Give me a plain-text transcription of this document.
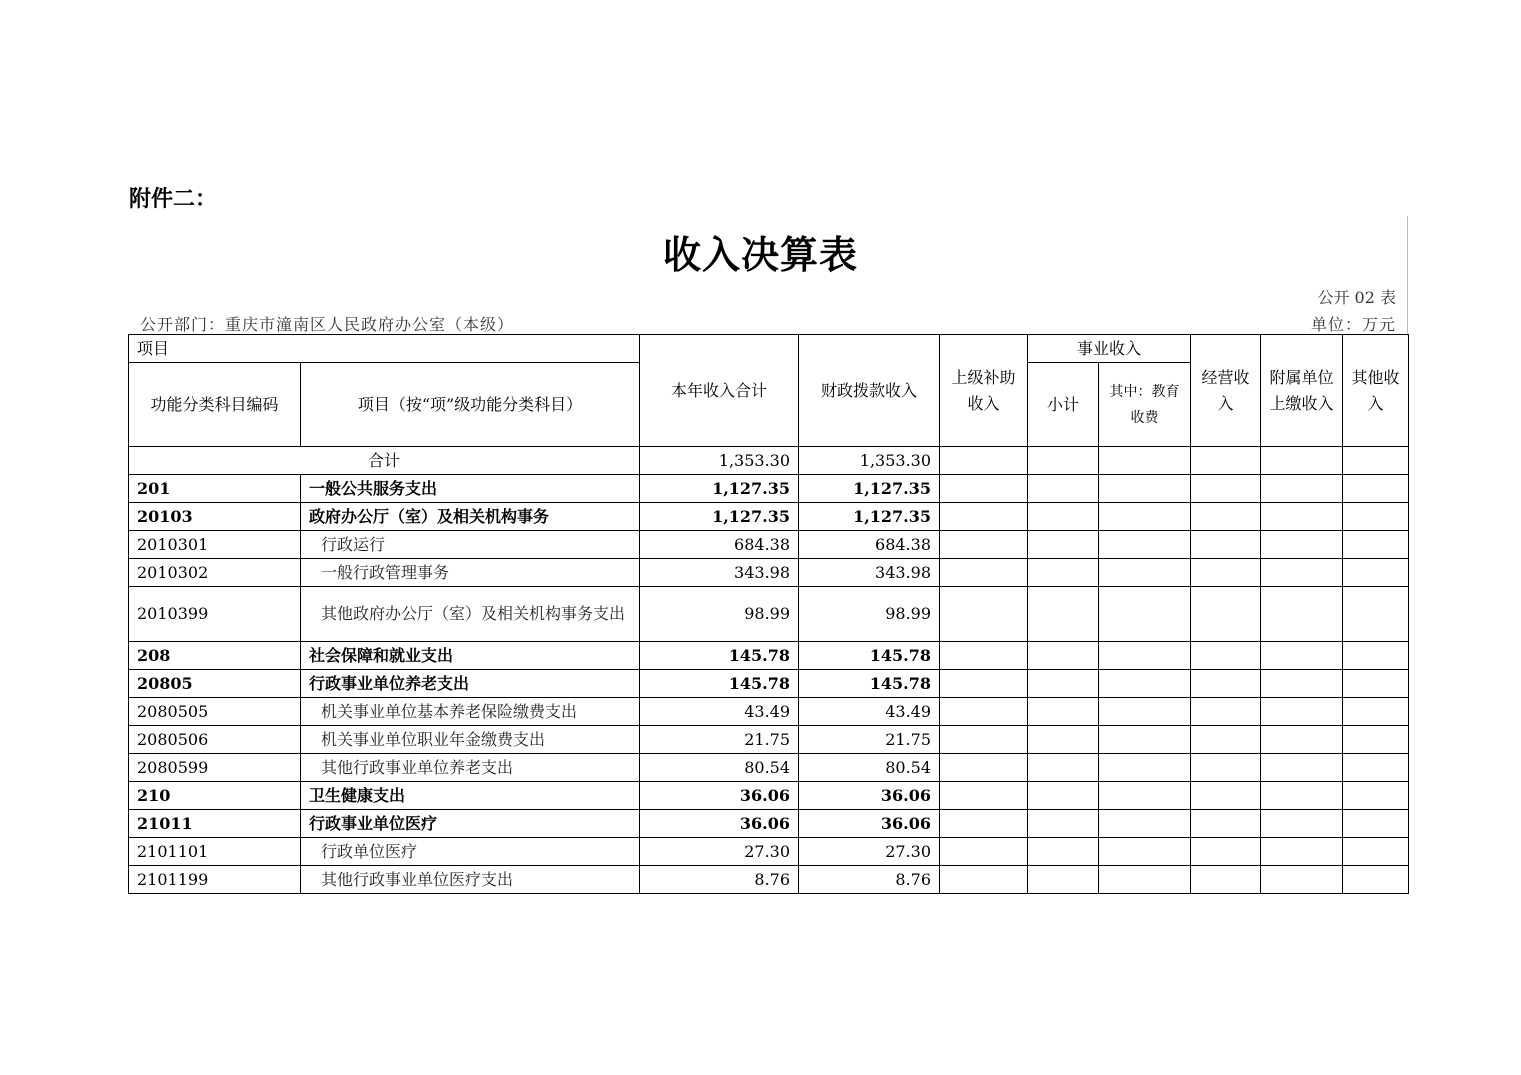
附件二：
收入决算表
公开 02 表
公开部门：重庆市潼南区人民政府办公室（本级）	单位：万元
项目		本年收入合计	财政拨款收入	上级补助收入	事业收入		经营收入	附属单位上缴收入	其他收入
功能分类科目编码	项目（按“项”级功能分类科目）				小计	其中：教育收费			
合计		1,353.30	1,353.30						
201	一般公共服务支出	1,127.35	1,127.35						
20103	政府办公厅（室）及相关机构事务	1,127.35	1,127.35						
2010301	行政运行	684.38	684.38						
2010302	一般行政管理事务	343.98	343.98						
2010399	其他政府办公厅（室）及相关机构事务支出	98.99	98.99						
208	社会保障和就业支出	145.78	145.78						
20805	行政事业单位养老支出	145.78	145.78						
2080505	机关事业单位基本养老保险缴费支出	43.49	43.49						
2080506	机关事业单位职业年金缴费支出	21.75	21.75						
2080599	其他行政事业单位养老支出	80.54	80.54						
210	卫生健康支出	36.06	36.06						
21011	行政事业单位医疗	36.06	36.06						
2101101	行政单位医疗	27.30	27.30						
2101199	其他行政事业单位医疗支出	8.76	8.76						
